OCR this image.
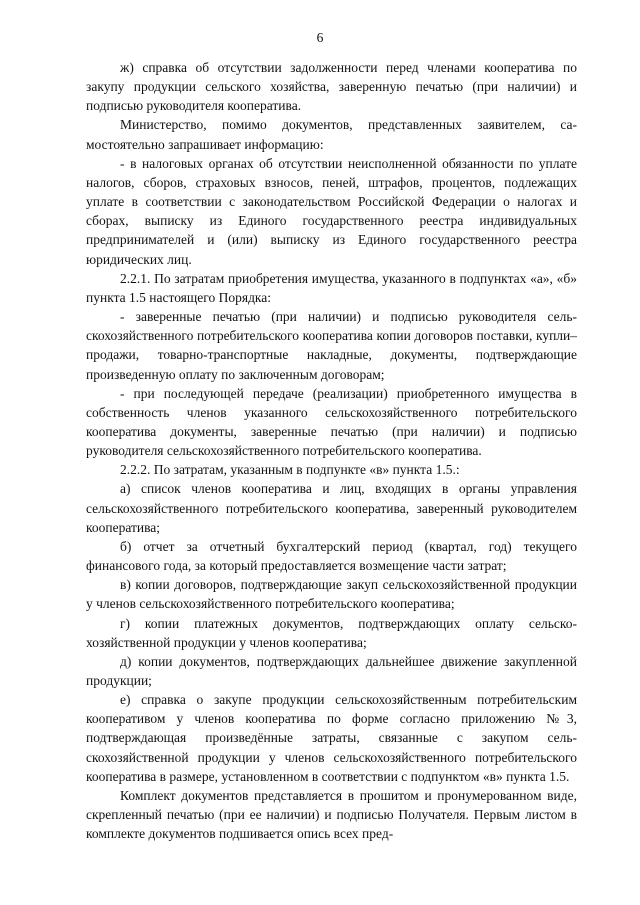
6

ж) справка об отсутствии задолженности перед членами кооператива по закупу продукции сельского хозяйства, заверенную печатью (при наличии) и подписью руководителя кооператива.

Министерство, помимо документов, представленных заявителем, самостоятельно запрашивает информацию:

- в налоговых органах об отсутствии неисполненной обязанности по уплате налогов, сборов, страховых взносов, пеней, штрафов, процентов, подлежащих уплате в соответствии с законодательством Российской Федерации о налогах и сборах, выписку из Единого государственного реестра индивидуальных предпринимателей и (или) выписку из Единого государственного реестра юридических лиц.

2.2.1. По затратам приобретения имущества, указанного в подпунктах «а», «б» пункта 1.5 настоящего Порядка:

- заверенные печатью (при наличии) и подписью руководителя сельскохозяйственного потребительского кооператива копии договоров поставки, купли–продажи, товарно-транспортные накладные, документы, подтверждающие произведенную оплату по заключенным договорам;

- при последующей передаче (реализации) приобретенного имущества в собственность членов указанного сельскохозяйственного потребительского кооператива документы, заверенные печатью (при наличии) и подписью руководителя сельскохозяйственного потребительского кооператива.

2.2.2. По затратам, указанным в подпункте «в» пункта 1.5.:

а) список членов кооператива и лиц, входящих в органы управления сельскохозяйственного потребительского кооператива, заверенный руководителем кооператива;

б) отчет за отчетный бухгалтерский период (квартал, год) текущего финансового года, за который предоставляется возмещение части затрат;

в) копии договоров, подтверждающие закуп сельскохозяйственной продукции у членов сельскохозяйственного потребительского кооператива;

г) копии платежных документов, подтверждающих оплату сельскохозяйственной продукции у членов кооператива;

д) копии документов, подтверждающих дальнейшее движение закупленной продукции;

е) справка о закупе продукции сельскохозяйственным потребительским кооперативом у членов кооператива по форме согласно приложению №3, подтверждающая произведённые затраты, связанные с закупом сельскохозяйственной продукции у членов сельскохозяйственного потребительского кооператива в размере, установленном в соответствии с подпунктом «в» пункта 1.5.

Комплект документов представляется в прошитом и пронумерованном виде, скрепленный печатью (при ее наличии) и подписью Получателя. Первым листом в комплекте документов подшивается опись всех пред-
